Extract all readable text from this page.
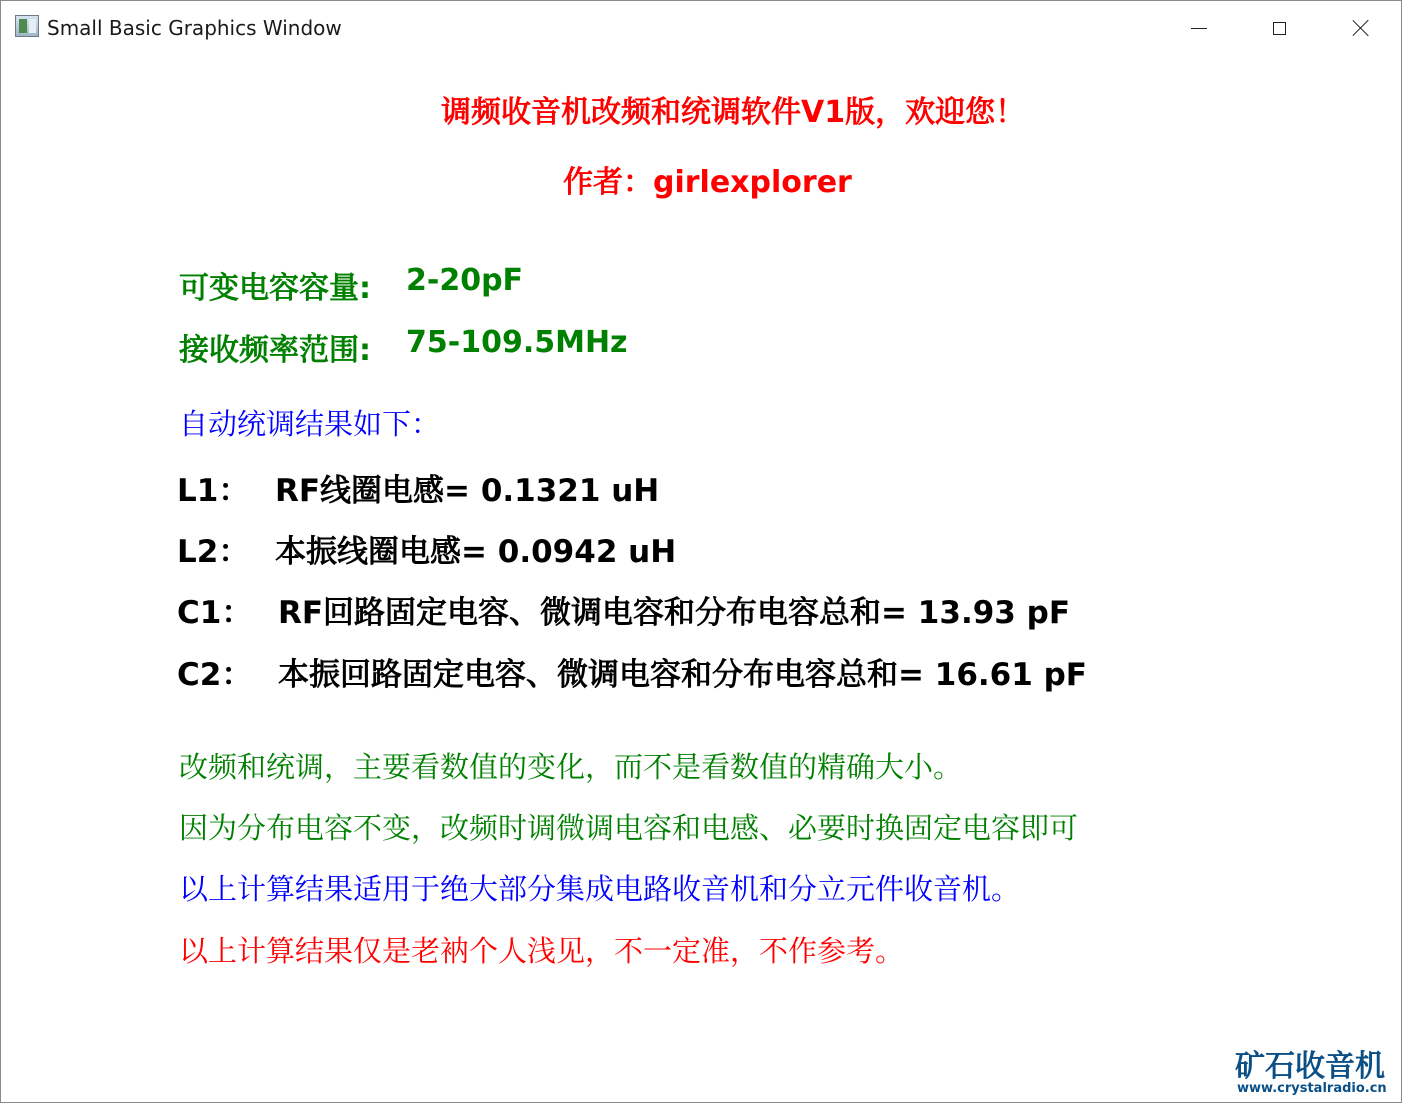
Small Basic Graphics Window
调频收音机改频和统调软件V1版，欢迎您！
作者：girlexplorer
可变电容容量: 2-20pF
接收频率范围: 75-109.5MHz
自动统调结果如下：
L1： RF线圈电感= 0.1321 uH
L2： 本振线圈电感= 0.0942 uH
C1： RF回路固定电容、微调电容和分布电容总和= 13.93 pF
C2： 本振回路固定电容、微调电容和分布电容总和= 16.61 pF
改频和统调，主要看数值的变化，而不是看数值的精确大小。
因为分布电容不变，改频时调微调电容和电感、必要时换固定电容即可
以上计算结果适用于绝大部分集成电路收音机和分立元件收音机。
以上计算结果仅是老衲个人浅见，不一定准，不作参考。
矿石收音机
www.crystalradio.cn
